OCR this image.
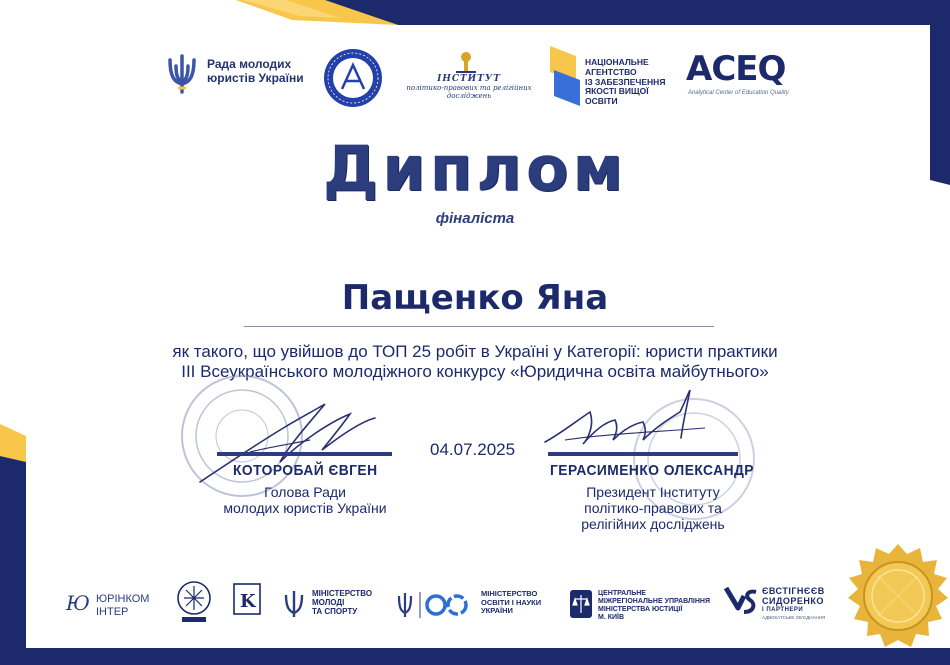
Рада молодих
юристів України	ІНСТИТУТ
політико-правових та релігійних
досліджень
НАЦІОНАЛЬНЕ
АГЕНТСТВО
ІЗ ЗАБЕЗПЕЧЕННЯ
ЯКОСТІ ВИЩОЇ ОСВІТИ
ACEQ
Analytical Center of Education Quality
Диплом
фіналіста
Пащенко Яна
як такого, що увійшов до ТОП 25 робіт в Україні у Категорії: юристи практики
ІІІ Всеукраїнського молодіжного конкурсу «Юридична освіта майбутнього»
04.07.2025
КОТОРОБАЙ ЄВГЕН
Голова Ради
молодих юристів України
ГЕРАСИМЕНКО ОЛЕКСАНДР
Президент Інституту
політико-правових та
релігійних досліджень
Ю ЮРІНКОМ
ІНТЕР	K	МІНІСТЕРСТВО
МОЛОДІ
ТА СПОРТУ
МІНІСТЕРСТВО
ОСВІТИ І НАУКИ
УКРАЇНИ
ЦЕНТРАЛЬНЕ
МІЖРЕГІОНАЛЬНЕ УПРАВЛІННЯ
МІНІСТЕРСТВА ЮСТИЦІЇ
М. КИЇВ
ЄВСТІГНЄЄВ
СИДОРЕНКО
І ПАРТНЕРИ
АДВОКАТСЬКЕ ОБ'ЄДНАННЯ
